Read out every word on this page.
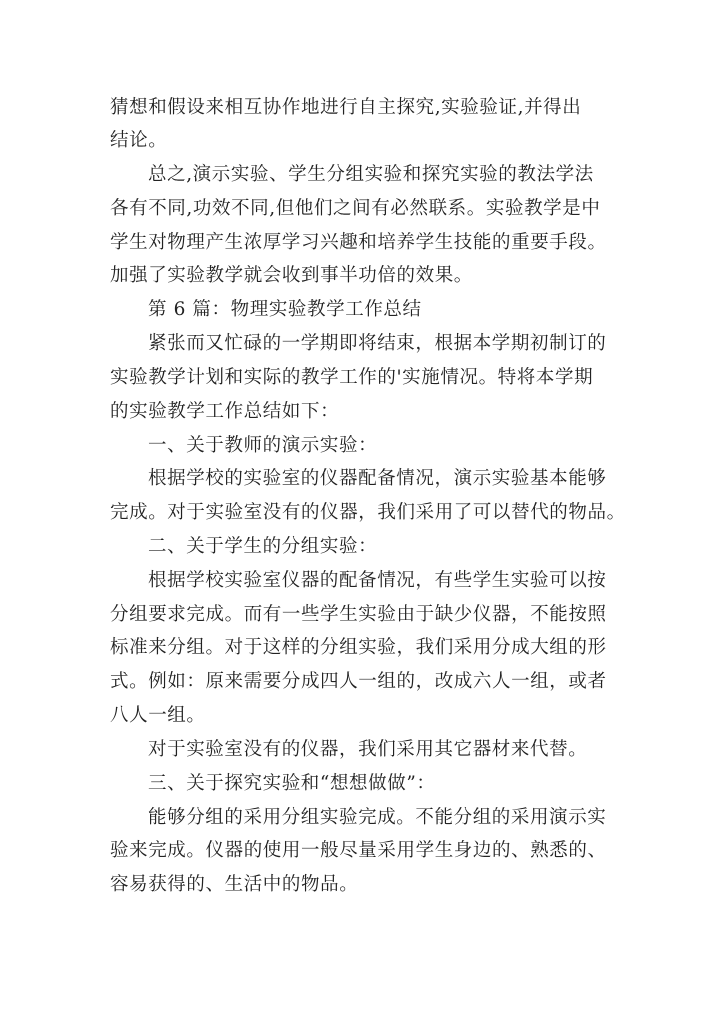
猜想和假设来相互协作地进行自主探究,实验验证,并得出

结论。

总之,演示实验、学生分组实验和探究实验的教法学法

各有不同,功效不同,但他们之间有必然联系。实验教学是中

学生对物理产生浓厚学习兴趣和培养学生技能的重要手段。

加强了实验教学就会收到事半功倍的效果。

第 6 篇：物理实验教学工作总结

紧张而又忙碌的一学期即将结束，根据本学期初制订的

实验教学计划和实际的教学工作的'实施情况。特将本学期

的实验教学工作总结如下：

一、关于教师的演示实验：

根据学校的实验室的仪器配备情况，演示实验基本能够

完成。对于实验室没有的仪器，我们采用了可以替代的物品。

二、关于学生的分组实验：

根据学校实验室仪器的配备情况，有些学生实验可以按

分组要求完成。而有一些学生实验由于缺少仪器，不能按照

标准来分组。对于这样的分组实验，我们采用分成大组的形

式。例如：原来需要分成四人一组的，改成六人一组，或者

八人一组。

对于实验室没有的仪器，我们采用其它器材来代替。

三、关于探究实验和“想想做做”：

能够分组的采用分组实验完成。不能分组的采用演示实

验来完成。仪器的使用一般尽量采用学生身边的、熟悉的、

容易获得的、生活中的物品。
